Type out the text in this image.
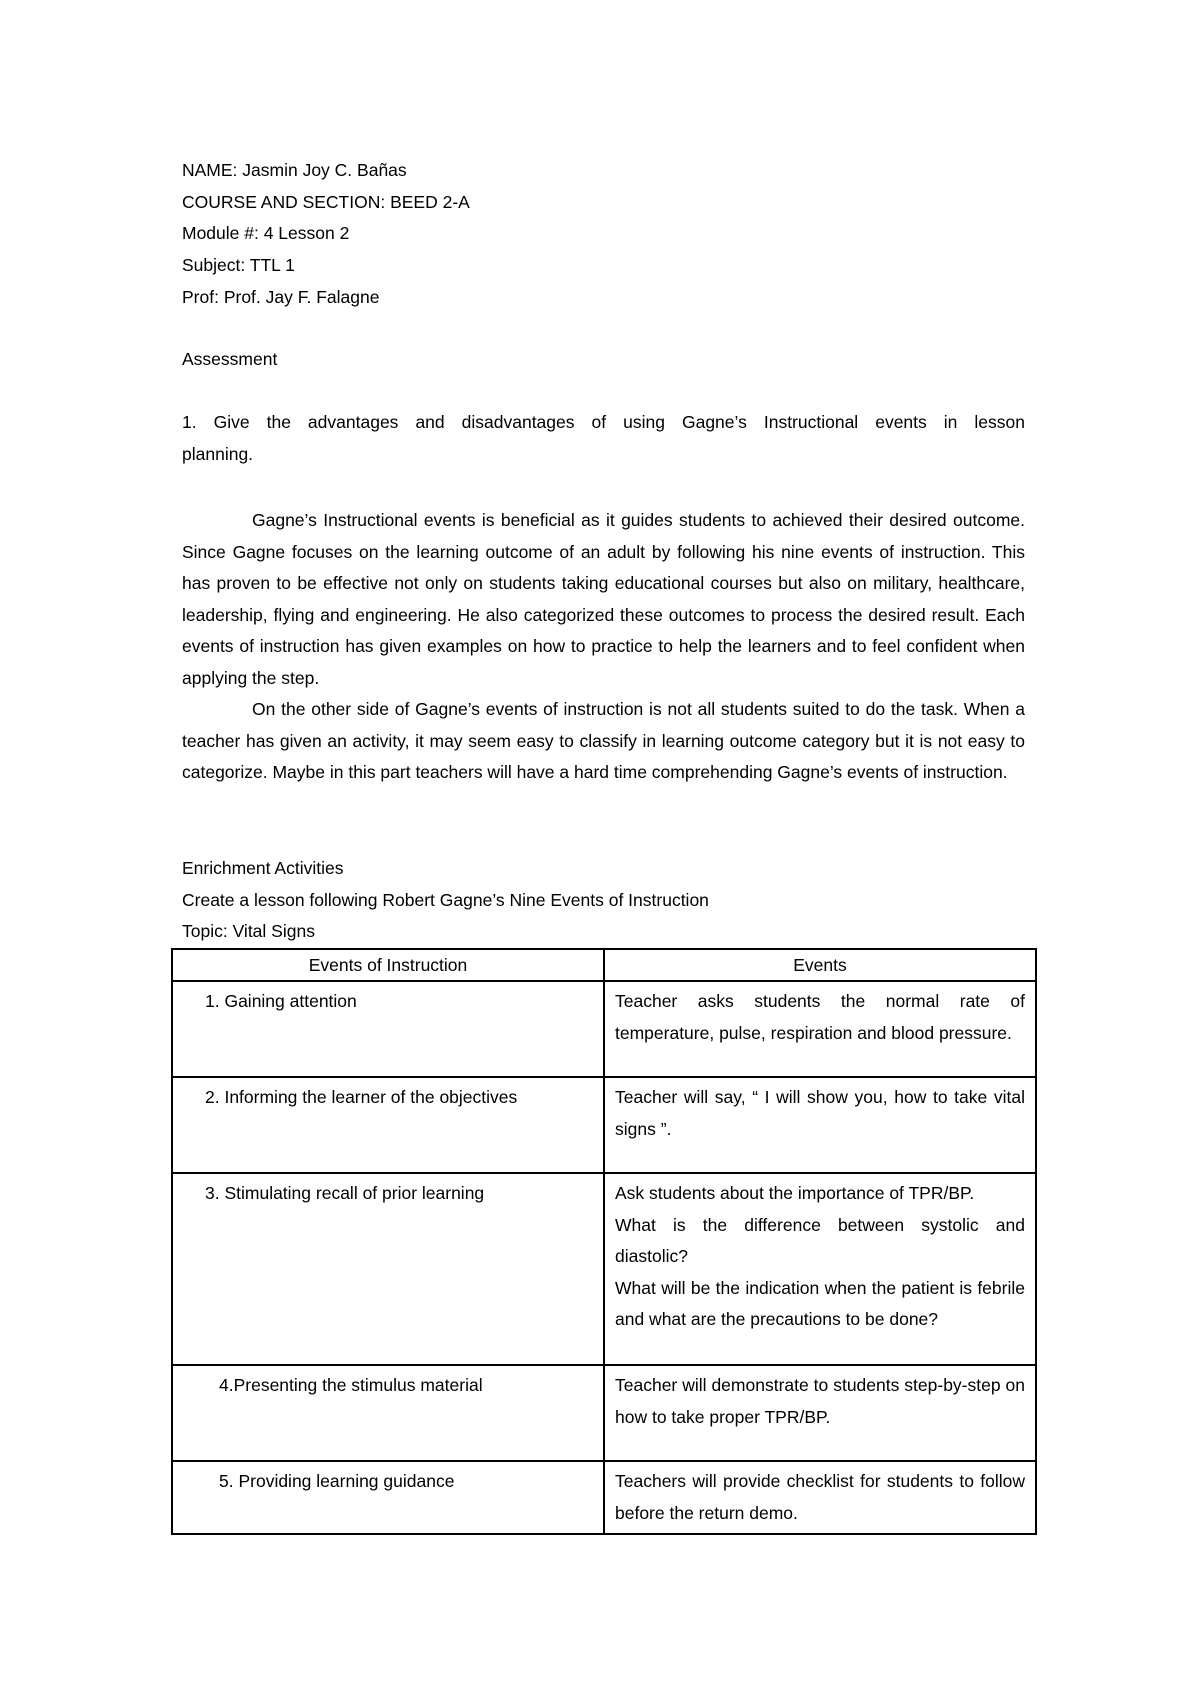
NAME: Jasmin Joy C. Bañas
COURSE AND SECTION: BEED 2-A
Module #: 4 Lesson 2
Subject: TTL 1
Prof: Prof. Jay F. Falagne
Assessment
1. Give the advantages and disadvantages of using Gagne’s Instructional events in lesson
planning.
Gagne’s Instructional events is beneficial as it guides students to achieved their desired outcome. Since Gagne focuses on the learning outcome of an adult by following his nine events of instruction. This has proven to be effective not only on students taking educational courses but also on military, healthcare, leadership, flying and engineering. He also categorized these outcomes to process the desired result. Each events of instruction has given examples on how to practice to help the learners and to feel confident when applying the step.
On the other side of Gagne’s events of instruction is not all students suited to do the task. When a teacher has given an activity, it may seem easy to classify in learning outcome category but it is not easy to categorize. Maybe in this part teachers will have a hard time comprehending Gagne’s events of instruction.
Enrichment Activities
Create a lesson following Robert Gagne’s Nine Events of Instruction
Topic: Vital Signs
Events of Instruction	Events
1. Gaining attention	Teacher asks students the normal rate of temperature, pulse, respiration and blood pressure.
2. Informing the learner of the objectives	Teacher will say, “ I will show you, how to take vital signs ”.
3. Stimulating recall of prior learning	Ask students about the importance of TPR/BP.
What is the difference between systolic and diastolic?
What will be the indication when the patient is febrile and what are the precautions to be done?

4.Presenting the stimulus material	Teacher will demonstrate to students step-by-step on how to take proper TPR/BP.
5. Providing learning guidance	Teachers will provide checklist for students to follow before the return demo.
